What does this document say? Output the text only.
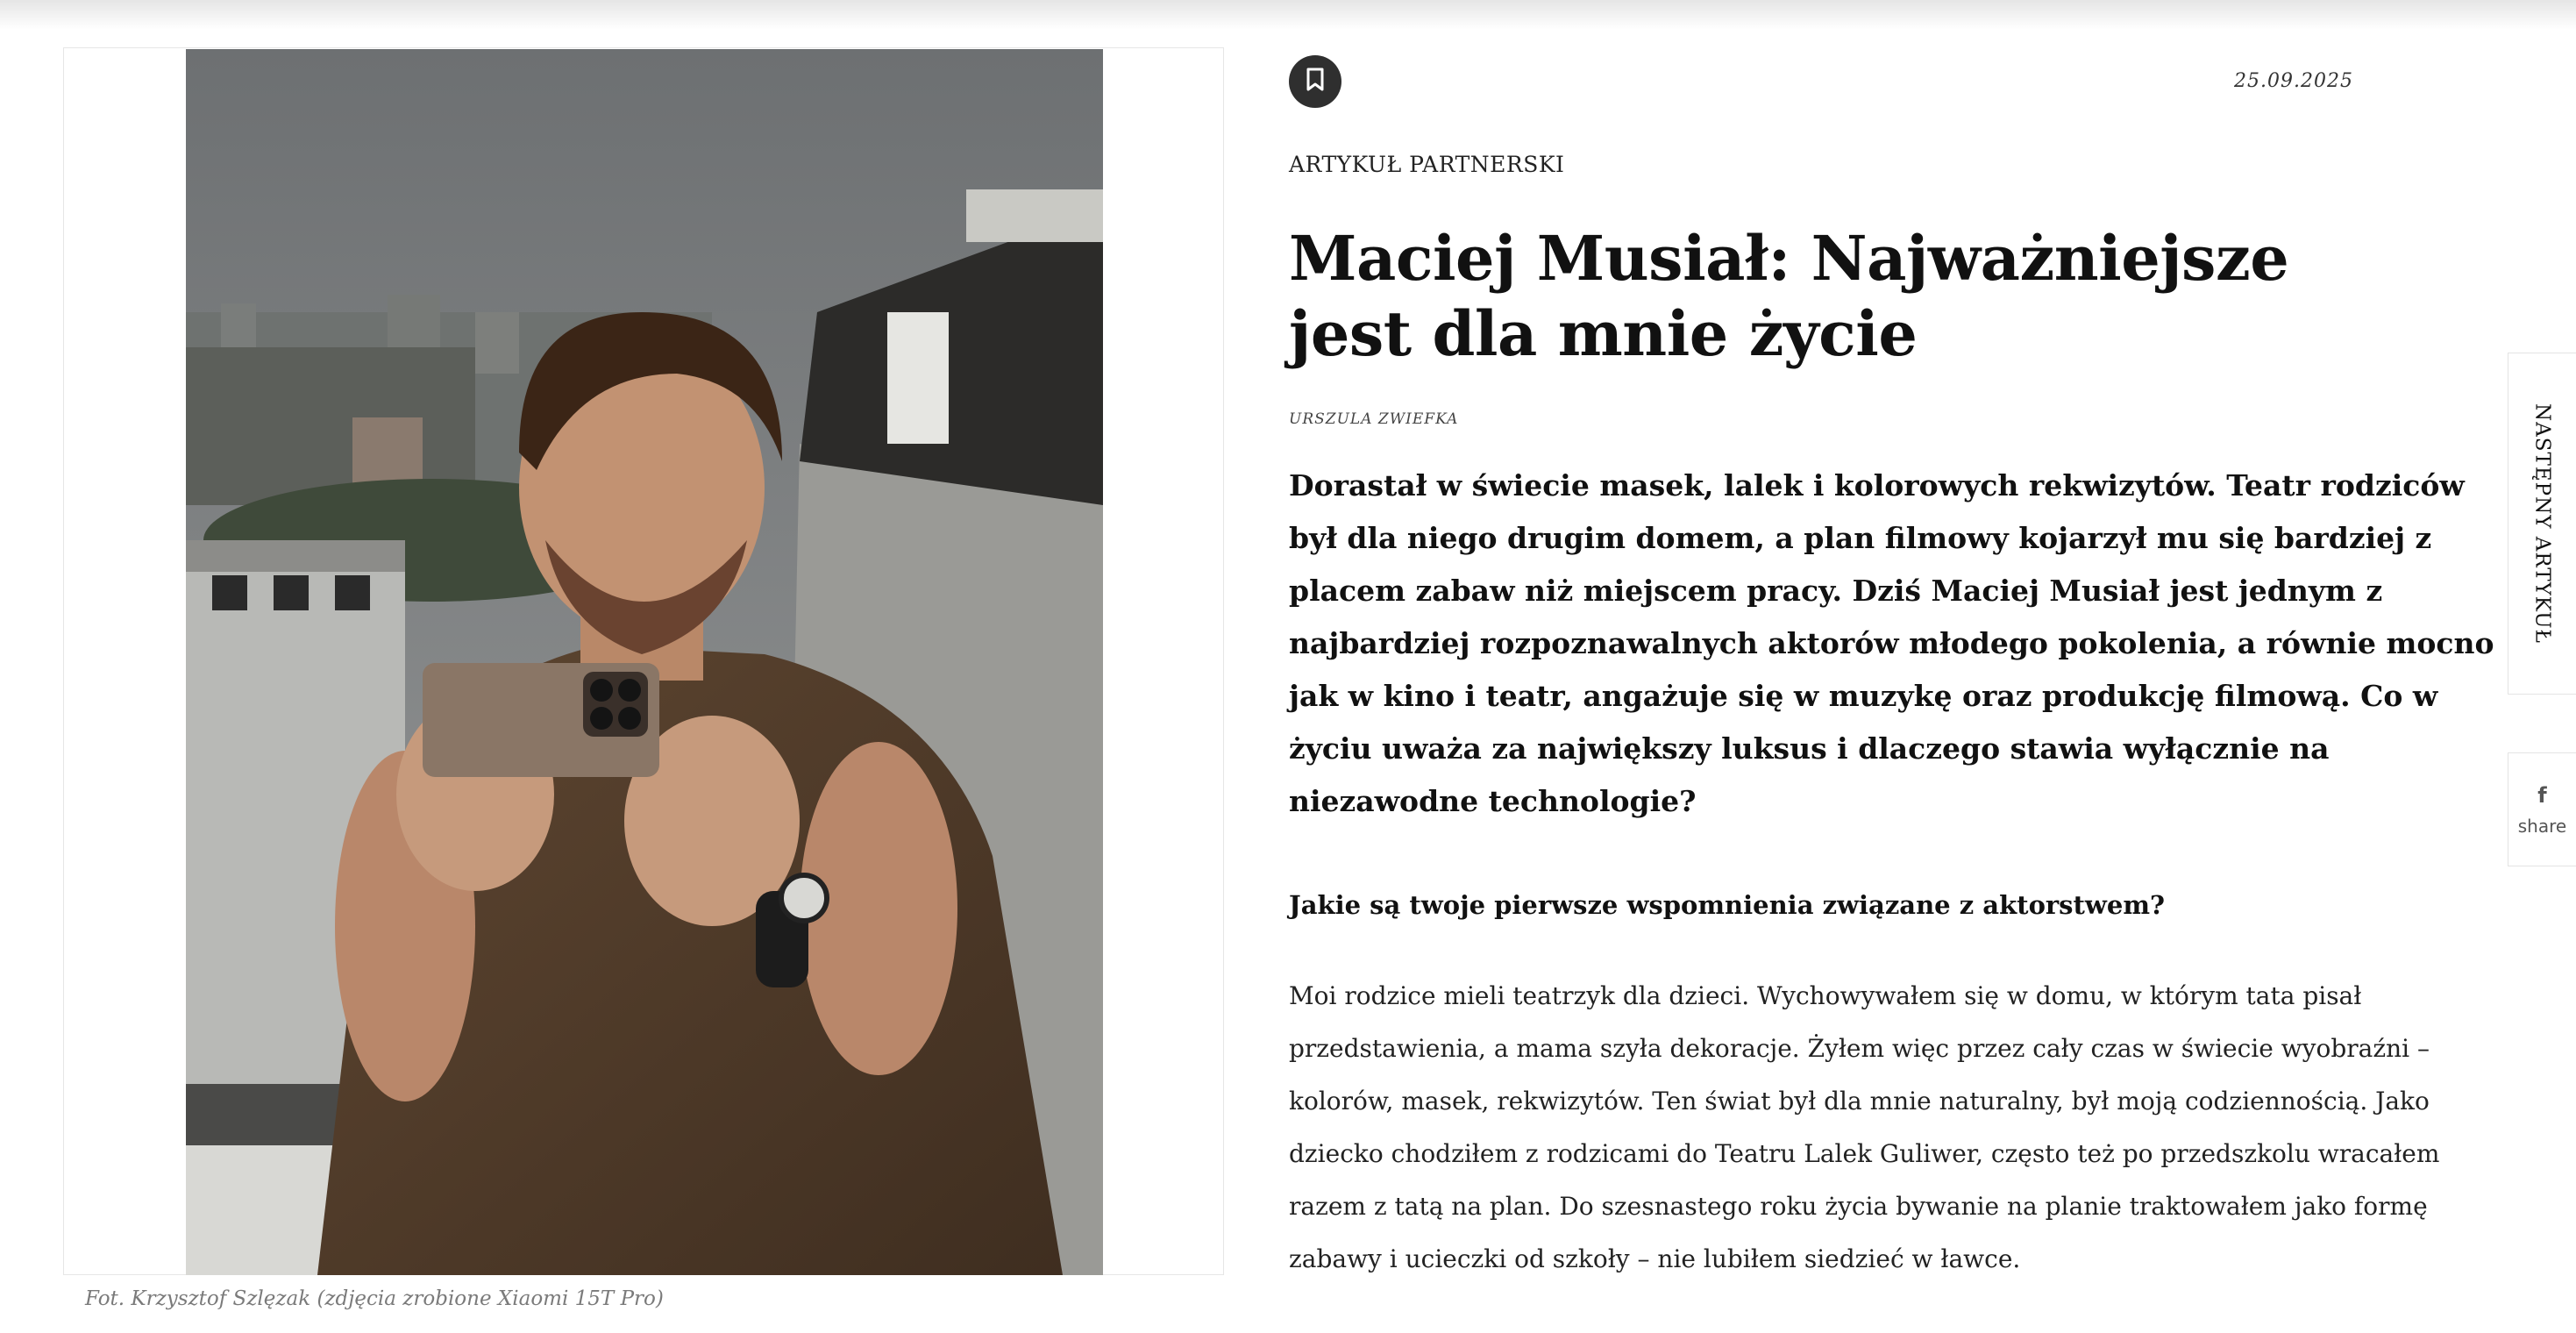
Fot. Krzysztof Szlęzak (zdjęcia zrobione Xiaomi 15T Pro)
25.09.2025
ARTYKUŁ PARTNERSKI
Maciej Musiał: Najważniejsze jest dla mnie życie
URSZULA ZWIEFKA

Dorastał w świecie masek, lalek i kolorowych rekwizytów. Teatr rodziców był dla niego drugim domem, a plan filmowy kojarzył mu się bardziej z placem zabaw niż miejscem pracy. Dziś Maciej Musiał jest jednym z najbardziej rozpoznawalnych aktorów młodego pokolenia, a równie mocno jak w kino i teatr, angażuje się w muzykę oraz produkcję filmową. Co w życiu uważa za największy luksus i dlaczego stawia wyłącznie na niezawodne technologie?

Jakie są twoje pierwsze wspomnienia związane z aktorstwem?

Moi rodzice mieli teatrzyk dla dzieci. Wychowywałem się w domu, w którym tata pisał przedstawienia, a mama szyła dekoracje. Żyłem więc przez cały czas w świecie wyobraźni – kolorów, masek, rekwizytów. Ten świat był dla mnie naturalny, był moją codziennością. Jako dziecko chodziłem z rodzicami do Teatru Lalek Guliwer, często też po przedszkolu wracałem razem z tatą na plan. Do szesnastego roku życia bywanie na planie traktowałem jako formę zabawy i ucieczki od szkoły – nie lubiłem siedzieć w ławce.

NASTĘPNY ARTYKUŁ
f
share
